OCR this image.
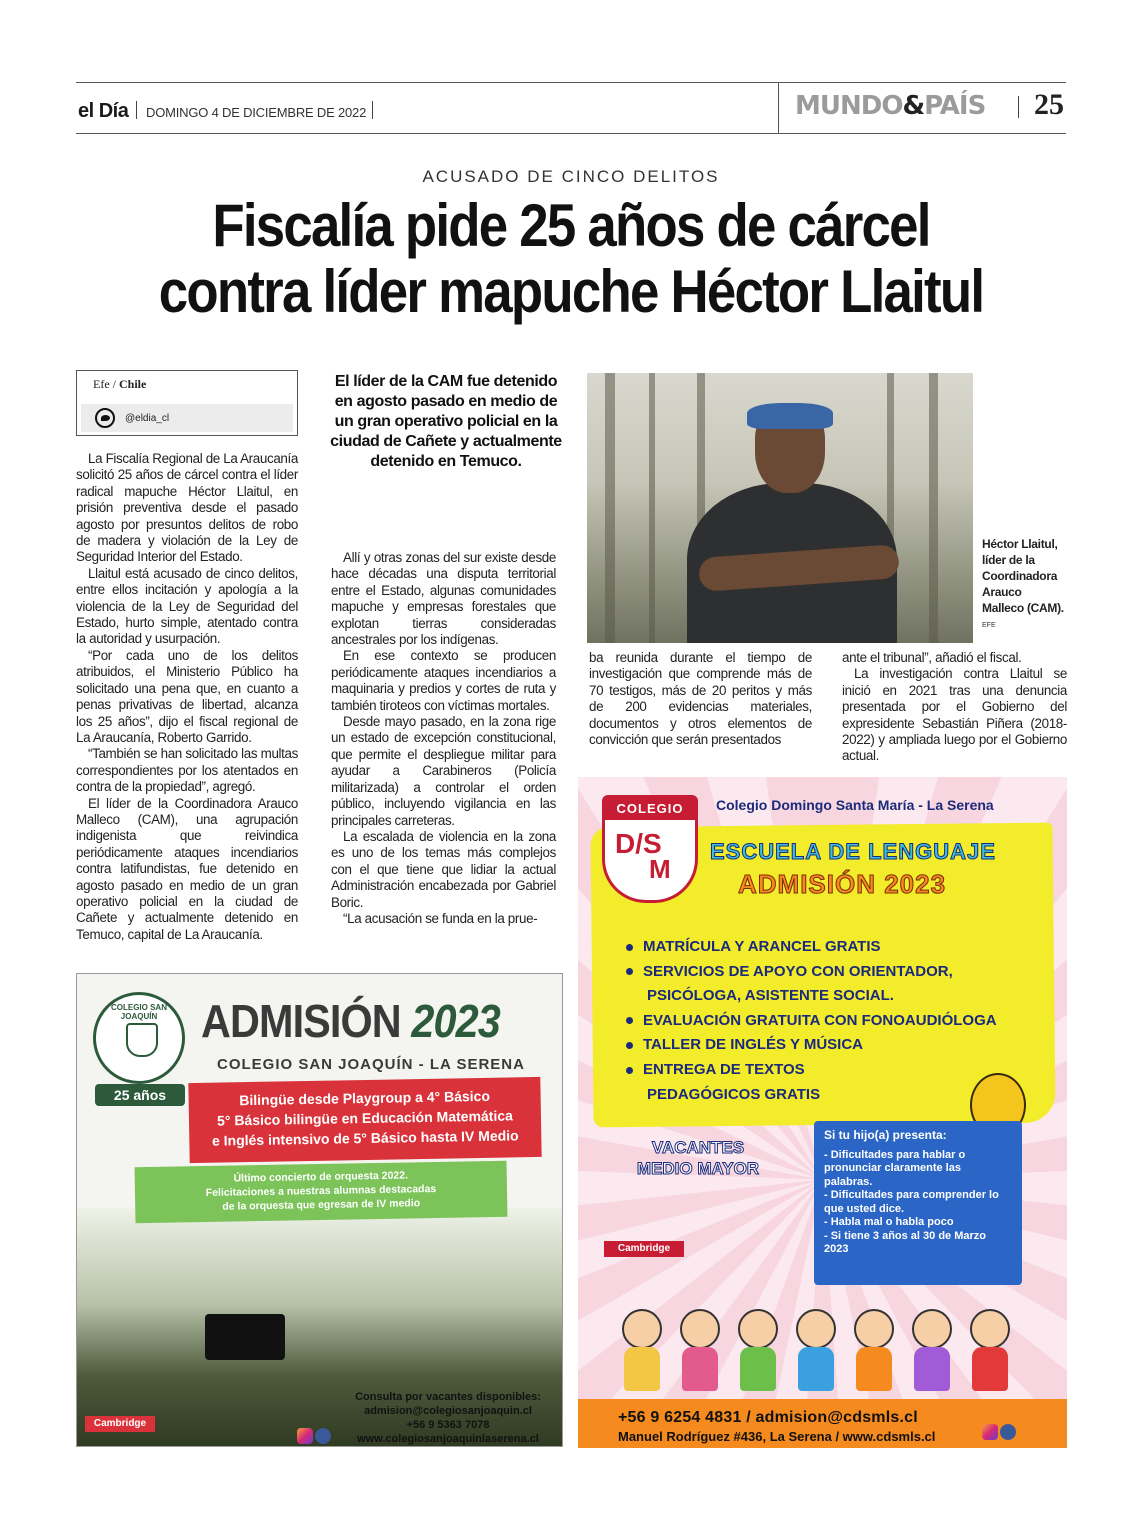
el Día DOMINGO 4 DE DICIEMBRE DE 2022	MUNDO&PAÍS 25
ACUSADO DE CINCO DELITOS
Fiscalía pide 25 años de cárcel
contra líder mapuche Héctor Llaitul
Efe / Chile
@eldia_cl

La Fiscalía Regional de La Araucanía solicitó 25 años de cárcel contra el líder radical mapuche Héctor Llaitul, en prisión preventiva desde el pasado agosto por presuntos delitos de robo de madera y violación de la Ley de Seguridad Interior del Estado.

Llaitul está acusado de cinco delitos, entre ellos incitación y apología a la violencia de la Ley de Seguridad del Estado, hurto simple, atentado contra la autoridad y usurpación.

“Por cada uno de los delitos atribuidos, el Ministerio Público ha solicitado una pena que, en cuanto a penas privativas de libertad, alcanza los 25 años”, dijo el fiscal regional de La Araucanía, Roberto Garrido.

“También se han solicitado las multas correspondientes por los atentados en contra de la propiedad”, agregó.

El líder de la Coordinadora Arauco Malleco (CAM), una agrupación indigenista que reivindica periódicamente ataques incendiarios contra latifundistas, fue detenido en agosto pasado en medio de un gran operativo policial en la ciudad de Cañete y actualmente detenido en Temuco, capital de La Araucanía.

El líder de la CAM fue detenido en agosto pasado en medio de un gran operativo policial en la ciudad de Cañete y actualmente detenido en Temuco.

Allí y otras zonas del sur existe desde hace décadas una disputa territorial entre el Estado, algunas comunidades mapuche y empresas forestales que explotan tierras consideradas ancestrales por los indígenas.

En ese contexto se producen periódicamente ataques incendiarios a maquinaria y predios y cortes de ruta y también tiroteos con víctimas mortales.

Desde mayo pasado, en la zona rige un estado de excepción constitucional, que permite el despliegue militar para ayudar a Carabineros (Policía militarizada) a controlar el orden público, incluyendo vigilancia en las principales carreteras.

La escalada de violencia en la zona es uno de los temas más complejos con el que tiene que lidiar la actual Administración encabezada por Gabriel Boric.

“La acusación se funda en la prue-

Héctor Llaitul, líder de la Coordinadora Arauco Malleco (CAM).
EFE

ba reunida durante el tiempo de investigación que comprende más de 70 testigos, más de 20 peritos y más de 200 evidencias materiales, documentos y otros elementos de convicción que serán presentados

ante el tribunal”, añadió el fiscal.

La investigación contra Llaitul se inició en 2021 tras una denuncia presentada por el Gobierno del expresidente Sebastián Piñera (2018-2022) y ampliada luego por el Gobierno actual.

COLEGIO SAN JOAQUÍN
25 años
ADMISIÓN 2023
COLEGIO SAN JOAQUÍN - LA SERENA
Bilingüe desde Playgroup a 4° Básico
5° Básico bilingüe en Educación Matemática
e Inglés intensivo de 5° Básico hasta IV Medio
Último concierto de orquesta 2022.
Felicitaciones a nuestras alumnas destacadas
de la orquesta que egresan de IV medio
Consulta por vacantes disponibles:
admision@colegiosanjoaquin.cl
+56 9 5363 7078
www.colegiosanjoaquinlaserena.cl
Cambridge
COLEGIO
D/S
M
Colegio Domingo Santa María - La Serena
ESCUELA DE LENGUAJE
ADMISIÓN 2023
MATRÍCULA Y ARANCEL GRATIS
SERVICIOS DE APOYO CON ORIENTADOR,
PSICÓLOGA, ASISTENTE SOCIAL.
EVALUACIÓN GRATUITA CON FONOAUDIÓLOGA
TALLER DE INGLÉS Y MÚSICA
ENTREGA DE TEXTOS
PEDAGÓGICOS GRATIS
VACANTES
MEDIO MAYOR
Si tu hijo(a) presenta:
- Dificultades para hablar o pronunciar claramente las palabras.
- Dificultades para comprender lo que usted dice.
- Habla mal o habla poco
- Si tiene 3 años al 30 de Marzo 2023
Cambridge
+56 9 6254 4831 / admision@cdsmls.cl
Manuel Rodríguez #436, La Serena / www.cdsmls.cl
